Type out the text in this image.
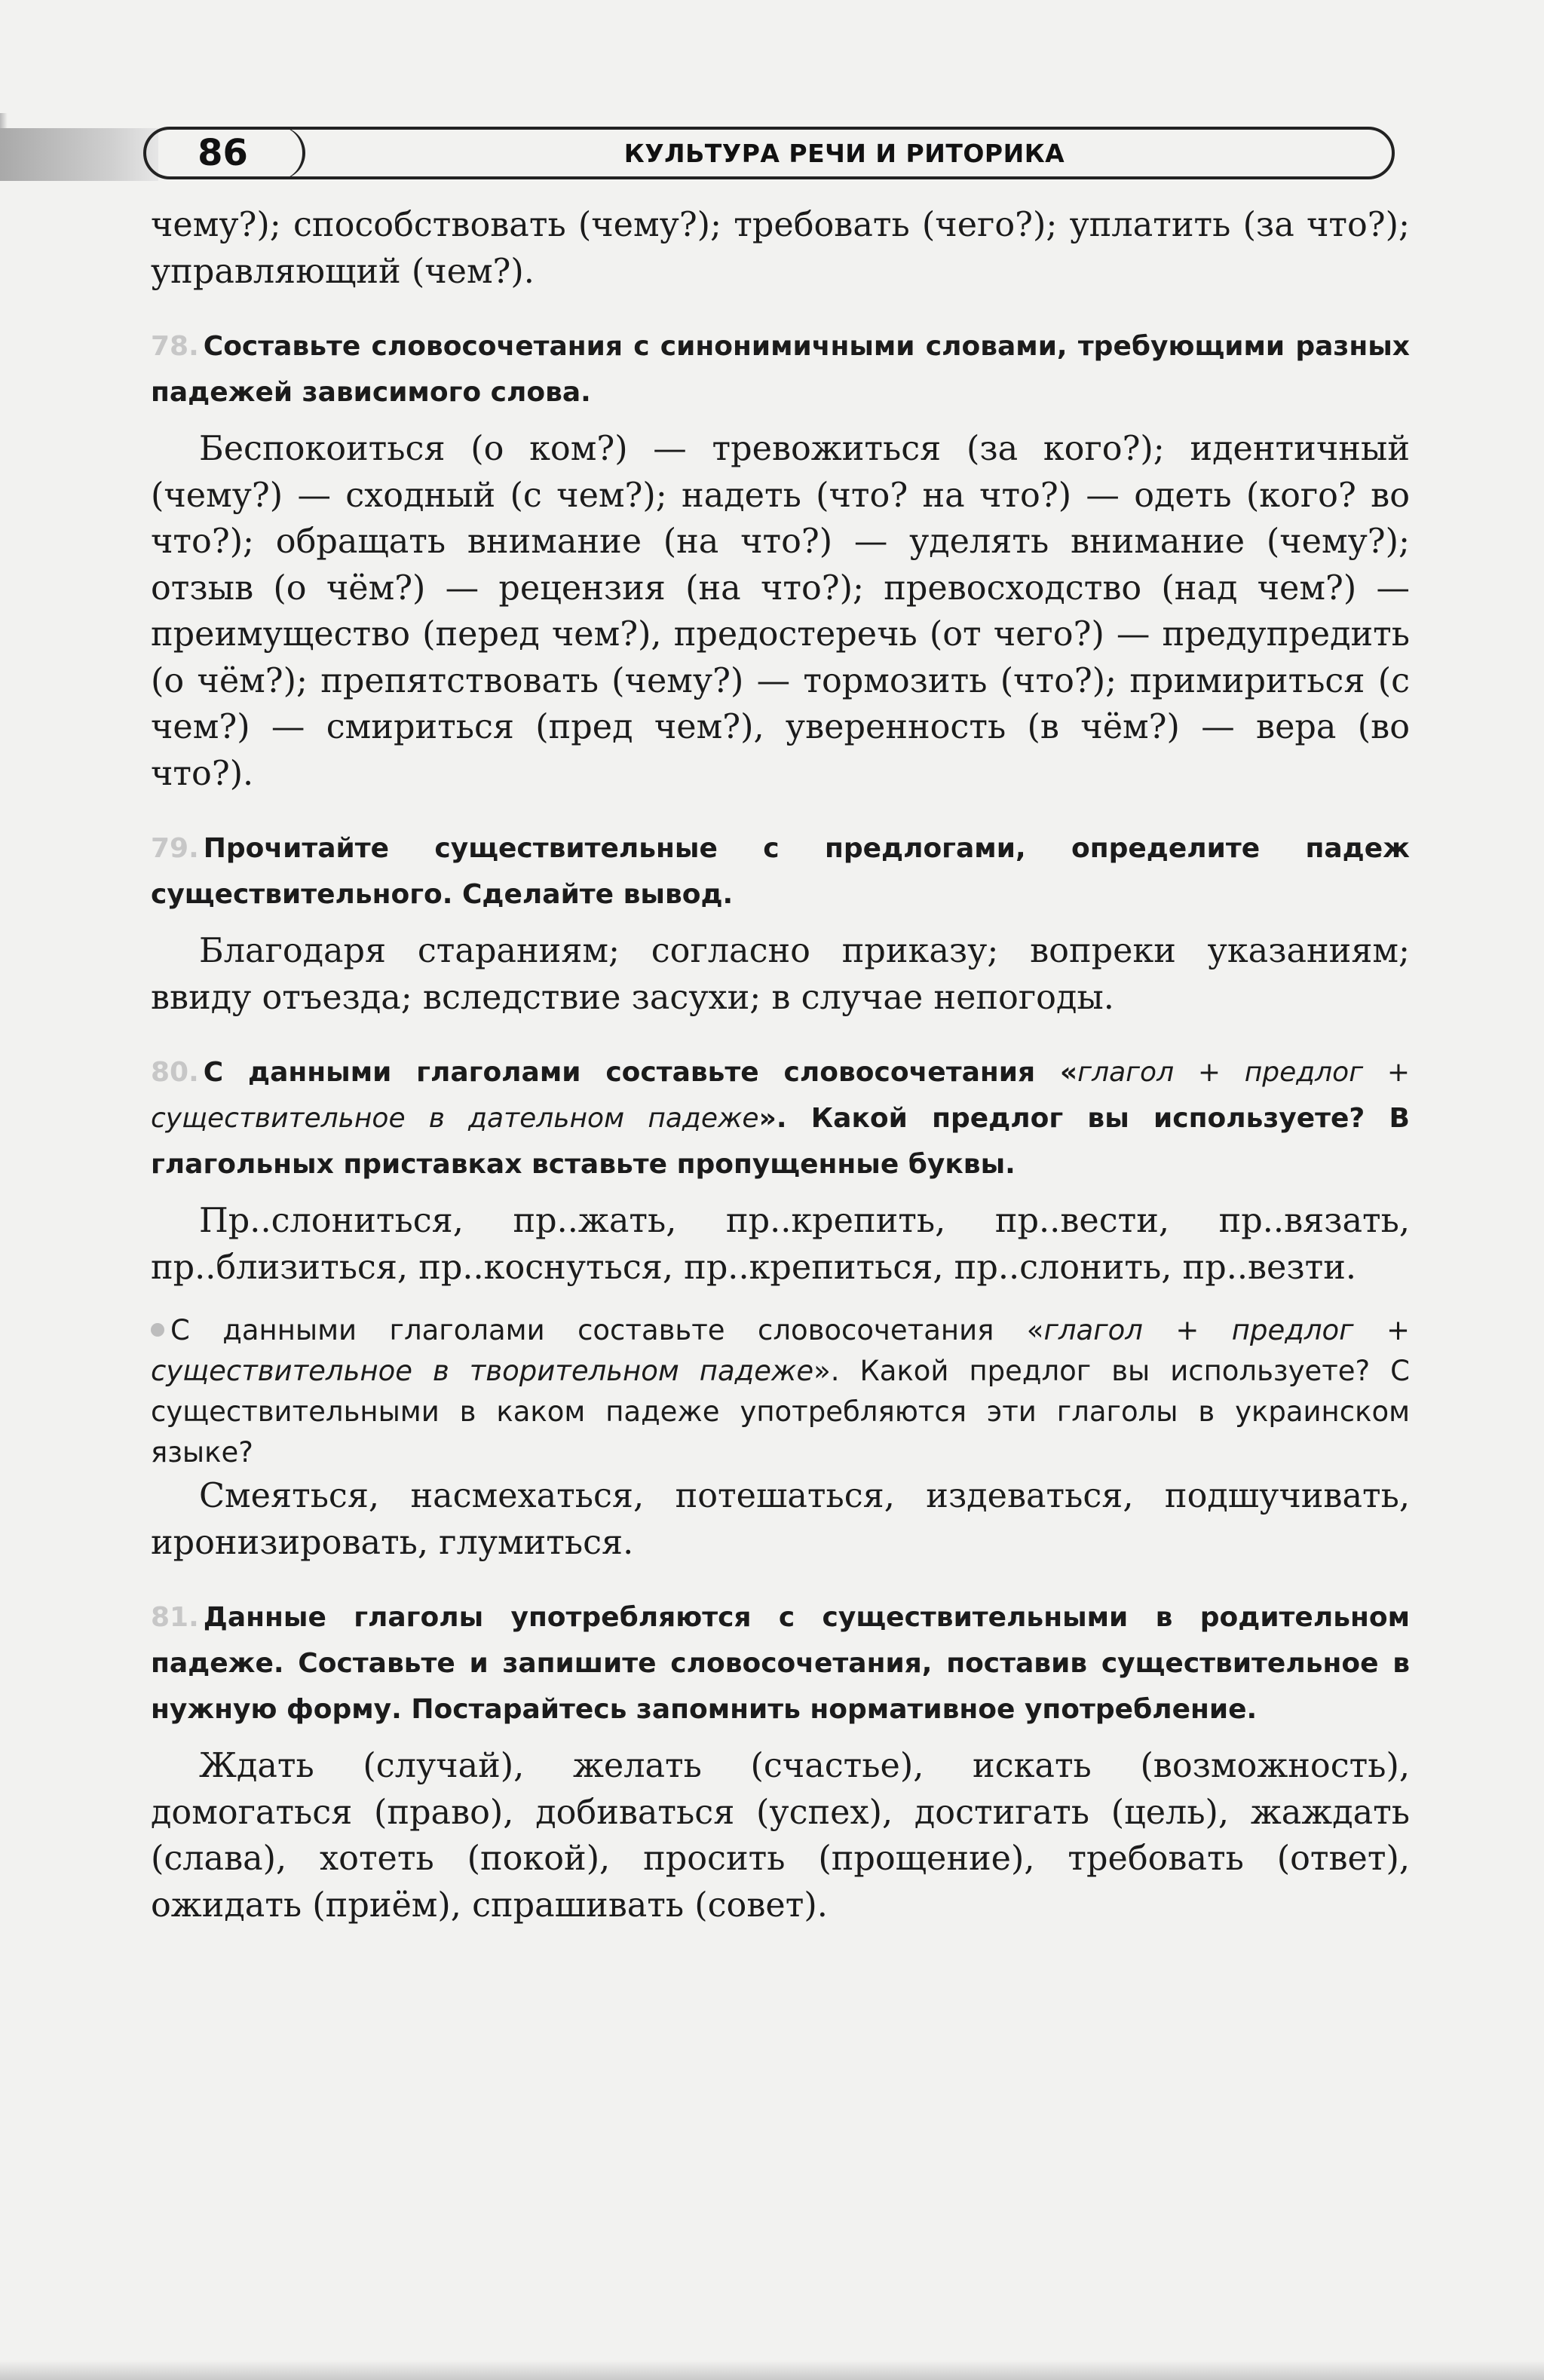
86	КУЛЬТУРА РЕЧИ И РИТОРИКА

чему?); способствовать (чему?); требовать (чего?); уплатить (за что?); управляющий (чем?).

78. Составьте словосочетания с синонимичными словами, требующими разных падежей зависимого слова.

Беспокоиться (о ком?) — тревожиться (за кого?); идентичный (чему?) — сходный (с чем?); надеть (что? на что?) — одеть (кого? во что?); обращать внимание (на что?) — уделять внимание (чему?); отзыв (о чём?) — рецензия (на что?); превосходство (над чем?) — преимущество (перед чем?), предостеречь (от чего?) — предупредить (о чём?); препятствовать (чему?) — тормозить (что?); примириться (с чем?) — смириться (пред чем?), уверенность (в чём?) — вера (во что?).

79. Прочитайте существительные с предлогами, определите падеж существительного. Сделайте вывод.

Благодаря стараниям; согласно приказу; вопреки указаниям; ввиду отъезда; вследствие засухи; в случае непогоды.

80. С данными глаголами составьте словосочетания «глагол + предлог + существительное в дательном падеже». Какой предлог вы используете? В глагольных приставках вставьте пропущенные буквы.

Пр..слониться, пр..жать, пр..крепить, пр..вести, пр..вязать, пр..близиться, пр..коснуться, пр..крепиться, пр..слонить, пр..везти.

С данными глаголами составьте словосочетания «глагол + предлог + существительное в творительном падеже». Какой предлог вы используете? С существительными в каком падеже употребляются эти глаголы в украинском языке?

Смеяться, насмехаться, потешаться, издеваться, подшучивать, иронизировать, глумиться.

81. Данные глаголы употребляются с существительными в родительном падеже. Составьте и запишите словосочетания, поставив существительное в нужную форму. Постарайтесь запомнить нормативное употребление.

Ждать (случай), желать (счастье), искать (возможность), домогаться (право), добиваться (успех), достигать (цель), жаждать (слава), хотеть (покой), просить (прощение), требовать (ответ), ожидать (приём), спрашивать (совет).
